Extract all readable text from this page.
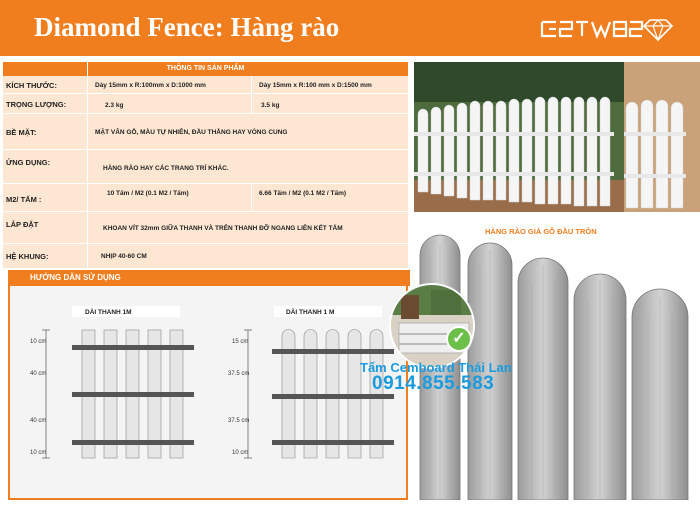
Diamond Fence: Hàng rào
THÔNG TIN SẢN PHẨM
KÍCH THƯỚC:	Dày 15mm x R:100mm x D:1000 mm	Dày 15mm x R:100 mm x D:1500 mm
TRỌNG LƯỢNG:	2.3 kg	3.5 kg
BỀ MẶT:	MẶT VÂN GỖ, MÀU TỰ NHIÊN, ĐẦU THẲNG HAY VÒNG CUNG
ỨNG DỤNG:
HÀNG RÀO HAY CÁC TRANG TRÍ KHÁC.
M2/ TẤM :
10 Tấm / M2 (0.1 M2 / Tấm)	6.66 Tấm / M2 (0.1 M2 / Tấm)
LẮP ĐẶT	KHOAN VÍT 32mm GIỮA THANH VÀ TRÊN THANH ĐỠ NGANG LIÊN KẾT TẤM
HỆ KHUNG:	NHỊP 40-60 CM
HƯỚNG DẪN SỬ DỤNG
DÀI THANH 1M
10 cm
40 cm
40 cm
10 cm
DÀI THANH 1 M
15 cm
37.5 cm
37.5 cm
10 cm
HÀNG RÀO GIẢ GỖ ĐẦU TRÒN
✓
Tấm Cemboard Thái Lan
0914.855.583
